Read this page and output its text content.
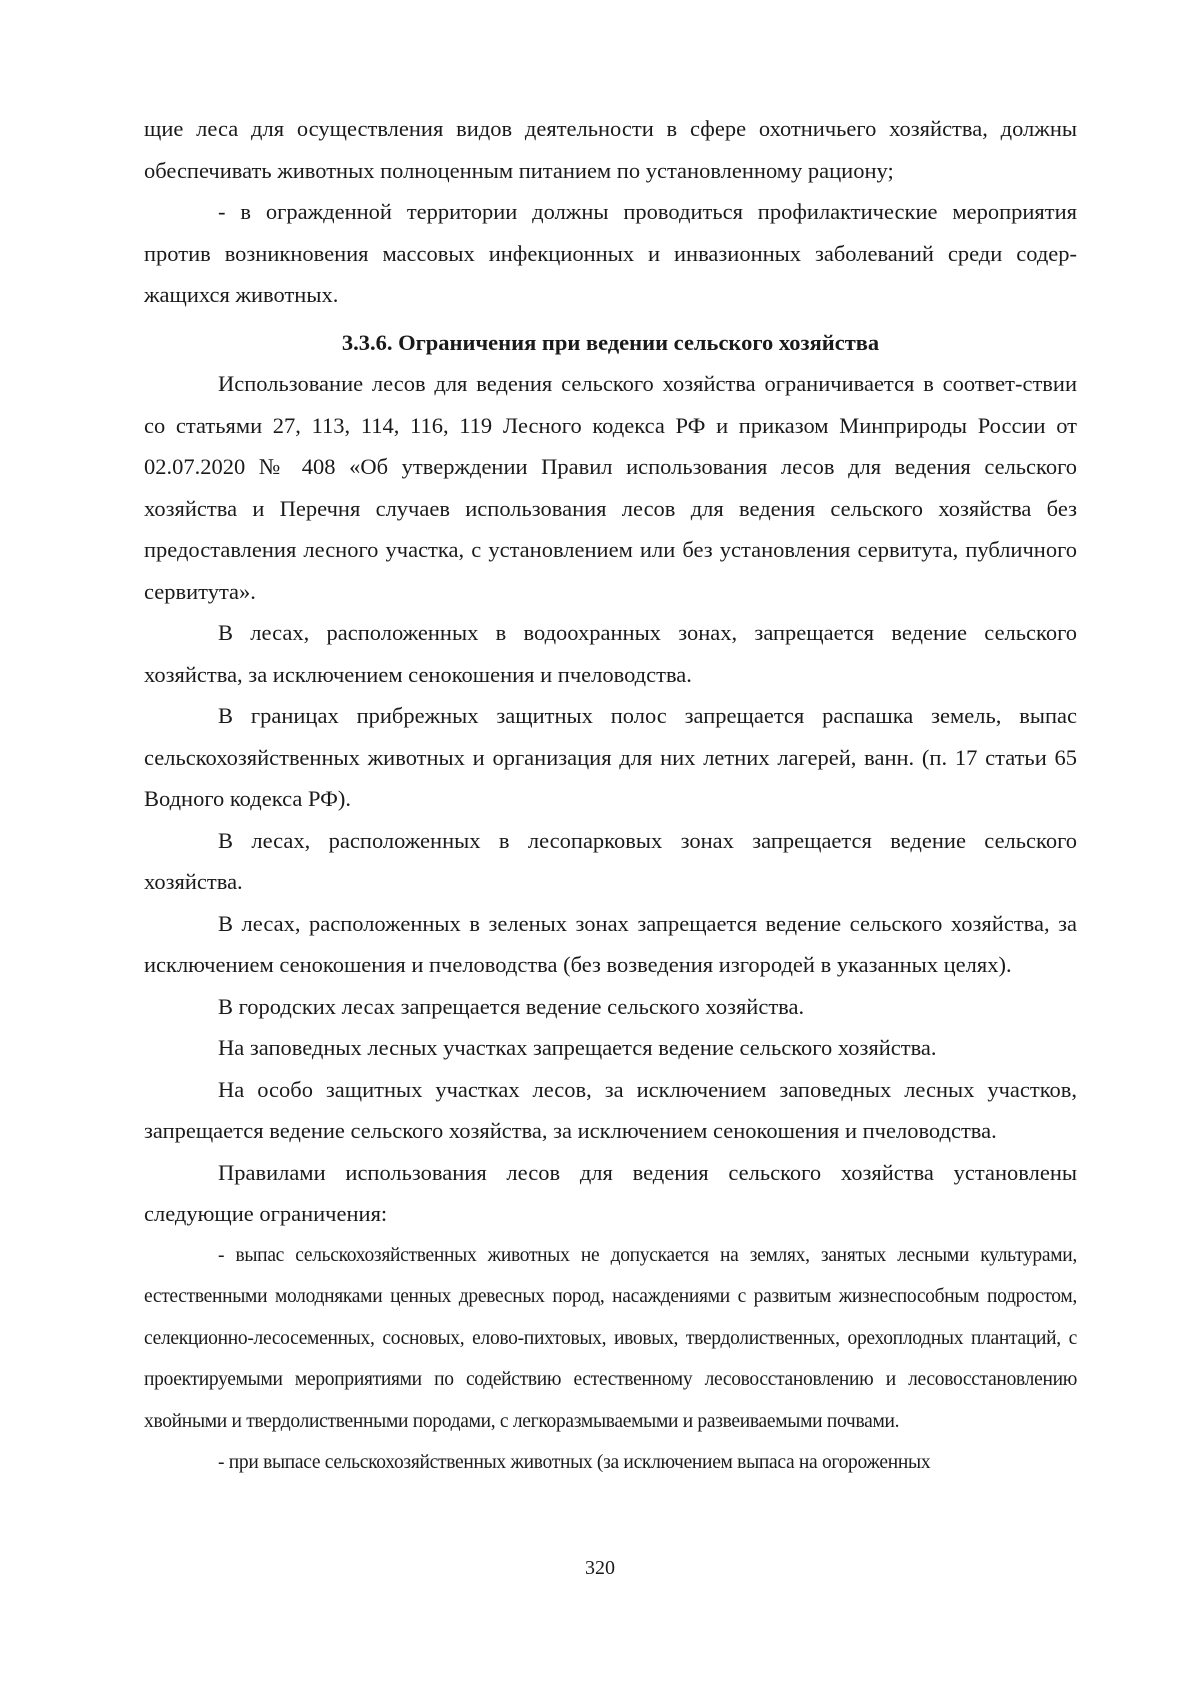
щие леса для осуществления видов деятельности в сфере охотничьего хозяйства, должны обеспечивать животных полноценным питанием по установленному рациону;

- в огражденной территории должны проводиться профилактические мероприятия против возникновения массовых инфекционных и инвазионных заболеваний среди содер-жащихся животных.

3.3.6. Ограничения при ведении сельского хозяйства

Использование лесов для ведения сельского хозяйства ограничивается в соответ-ствии со статьями 27, 113, 114, 116, 119 Лесного кодекса РФ и приказом Минприроды России от 02.07.2020 № 408 «Об утверждении Правил использования лесов для ведения сельского хозяйства и Перечня случаев использования лесов для ведения сельского хозяйства без предоставления лесного участка, с установлением или без установления сервитута, публичного сервитута».

В лесах, расположенных в водоохранных зонах, запрещается ведение сельского хозяйства, за исключением сенокошения и пчеловодства.

В границах прибрежных защитных полос запрещается распашка земель, выпас сельскохозяйственных животных и организация для них летних лагерей, ванн. (п. 17 статьи 65 Водного кодекса РФ).

В лесах, расположенных в лесопарковых зонах запрещается ведение сельского хозяйства.

В лесах, расположенных в зеленых зонах запрещается ведение сельского хозяйства, за исключением сенокошения и пчеловодства (без возведения изгородей в указанных целях).

В городских лесах запрещается ведение сельского хозяйства.

На заповедных лесных участках запрещается ведение сельского хозяйства.

На особо защитных участках лесов, за исключением заповедных лесных участков, запрещается ведение сельского хозяйства, за исключением сенокошения и пчеловодства.

Правилами использования лесов для ведения сельского хозяйства установлены следующие ограничения:

- выпас сельскохозяйственных животных не допускается на землях, занятых лесными культурами, естественными молодняками ценных древесных пород, насаждениями с развитым жизнеспособным подростом, селекционно-лесосеменных, сосновых, елово-пихтовых, ивовых, твердолиственных, орехоплодных плантаций, с проектируемыми мероприятиями по содействию естественному лесовосстановлению и лесовосстановлению хвойными и твердолиственными породами, с легкоразмываемыми и развеиваемыми почвами.

- при выпасе сельскохозяйственных животных (за исключением выпаса на огороженных

320
